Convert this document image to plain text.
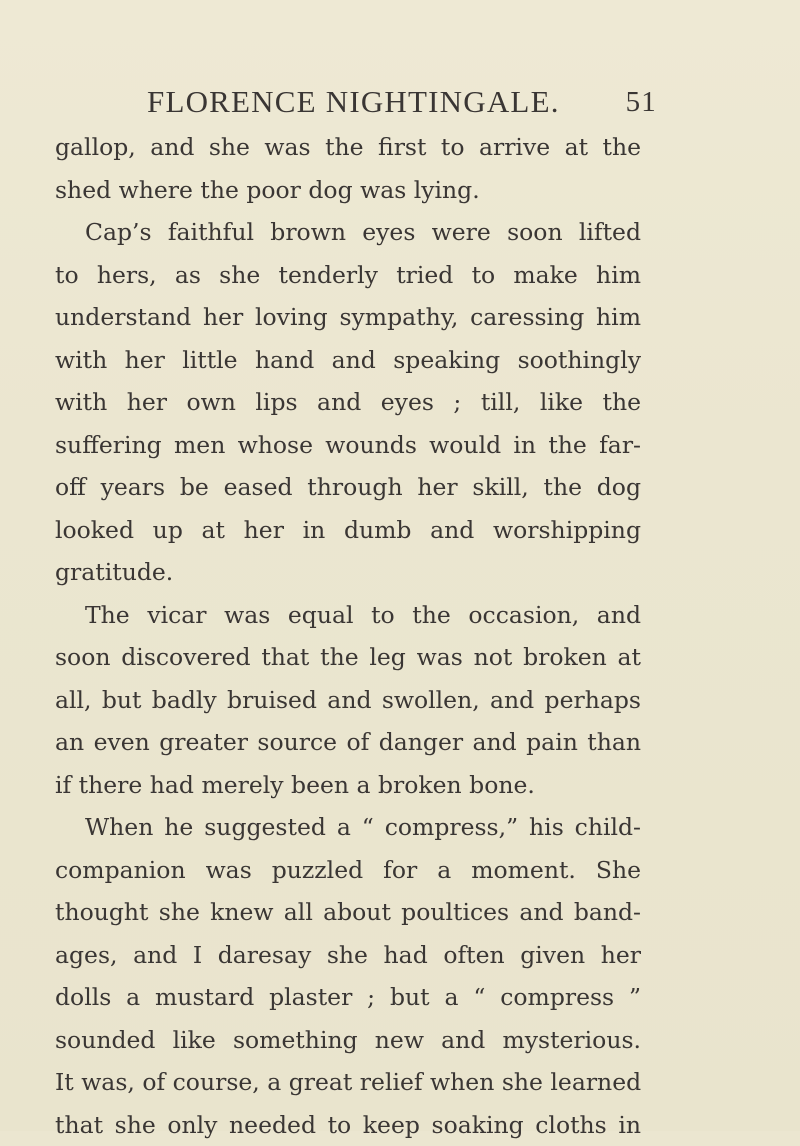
FLORENCE NIGHTINGALE. 51
gallop, and she was the first to arrive at the
shed where the poor dog was lying.
Cap’s faithful brown eyes were soon lifted
to hers, as she tenderly tried to make him
understand her loving sympathy, caressing him
with her little hand and speaking soothingly
with her own lips and eyes ; till, like the
suffering men whose wounds would in the far-
off years be eased through her skill, the dog
looked up at her in dumb and worshipping
gratitude.
The vicar was equal to the occasion, and
soon discovered that the leg was not broken at
all, but badly bruised and swollen, and perhaps
an even greater source of danger and pain than
if there had merely been a broken bone.
When he suggested a “ compress,” his child-
companion was puzzled for a moment. She
thought she knew all about poultices and band-
ages, and I daresay she had often given her
dolls a mustard plaster ; but a “ compress ”
sounded like something new and mysterious.
It was, of course, a great relief when she learned
that she only needed to keep soaking cloths in
